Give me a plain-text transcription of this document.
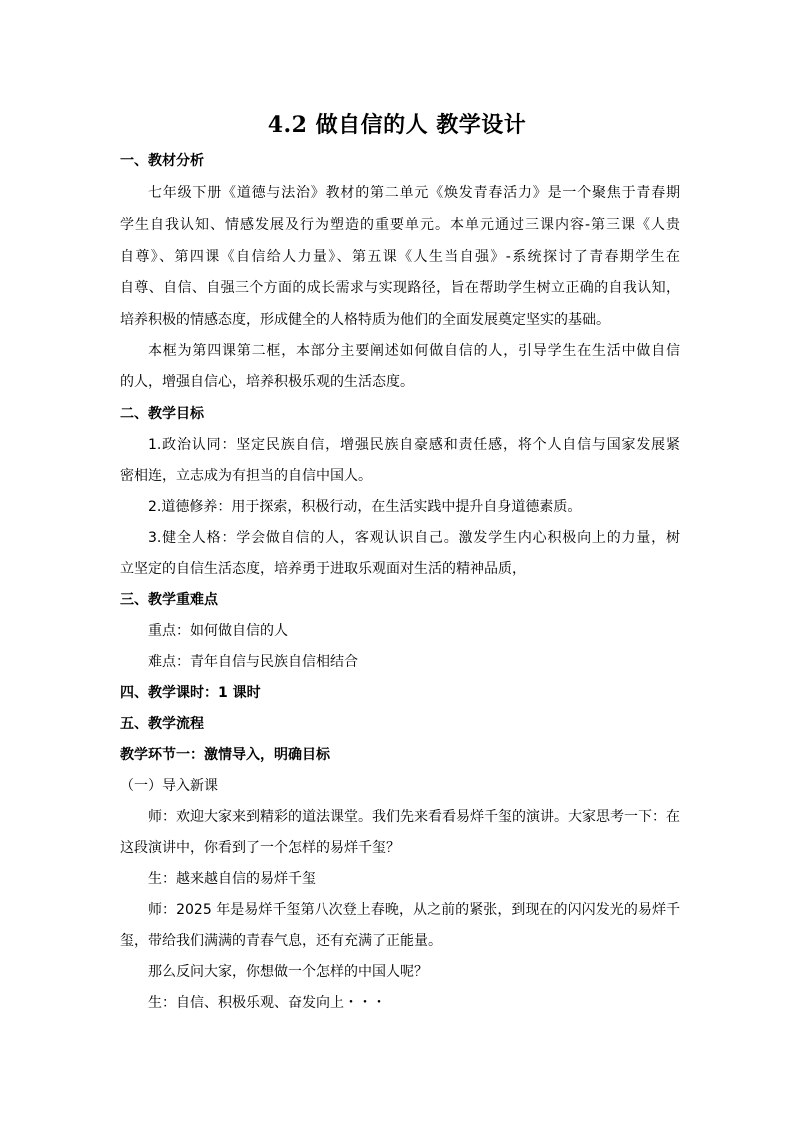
4.2 做自信的人 教学设计
一、教材分析
七年级下册《道德与法治》教材的第二单元《焕发青春活力》是一个聚焦于青春期
学生自我认知、情感发展及行为塑造的重要单元。本单元通过三课内容-第三课《人贵
自尊》、第四课《自信给人力量》、第五课《人生当自强》-系统探讨了青春期学生在
自尊、自信、自强三个方面的成长需求与实现路径，旨在帮助学生树立正确的自我认知，
培养积极的情感态度，形成健全的人格特质为他们的全面发展奠定坚实的基础。
本框为第四课第二框，本部分主要阐述如何做自信的人，引导学生在生活中做自信
的人，增强自信心，培养积极乐观的生活态度。
二、教学目标
1.政治认同：坚定民族自信，增强民族自豪感和责任感，将个人自信与国家发展紧
密相连，立志成为有担当的自信中国人。
2.道德修养：用于探索，积极行动，在生活实践中提升自身道德素质。
3.健全人格：学会做自信的人，客观认识自己。激发学生内心积极向上的力量，树
立坚定的自信生活态度，培养勇于进取乐观面对生活的精神品质，
三、教学重难点
重点：如何做自信的人
难点：青年自信与民族自信相结合
四、教学课时：1 课时
五、教学流程
教学环节一：激情导入，明确目标
（一）导入新课
师：欢迎大家来到精彩的道法课堂。我们先来看看易烊千玺的演讲。大家思考一下：在
这段演讲中，你看到了一个怎样的易烊千玺？
生：越来越自信的易烊千玺
师：2025 年是易烊千玺第八次登上春晚，从之前的紧张，到现在的闪闪发光的易烊千
玺，带给我们满满的青春气息，还有充满了正能量。
那么反问大家，你想做一个怎样的中国人呢？
生：自信、积极乐观、奋发向上・・・
